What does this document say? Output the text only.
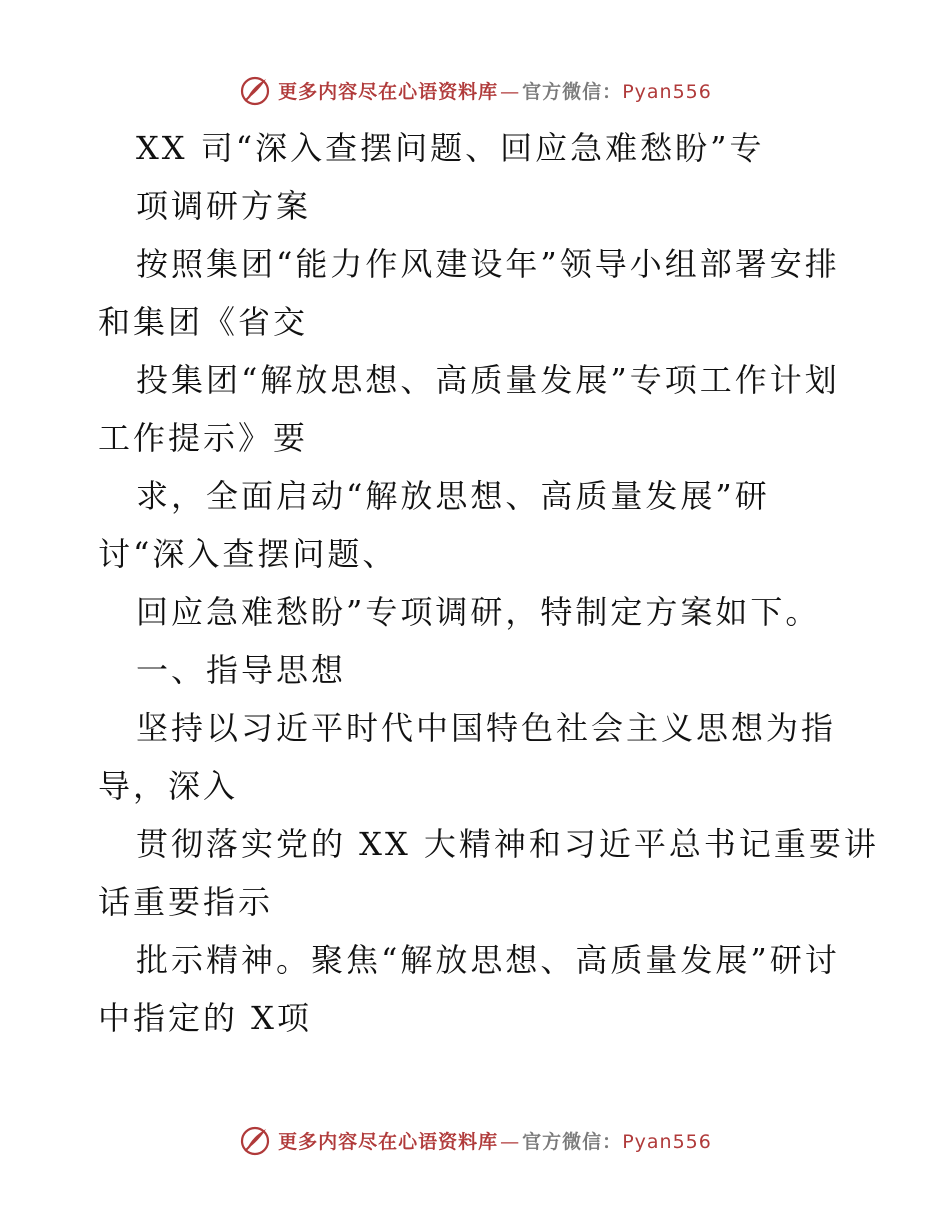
更多内容尽在心语资料库 — 官方微信：Pyan556
XX 司“深入查摆问题、回应急难愁盼”专
项调研方案
按照集团“能力作风建设年”领导小组部署安排
和集团《省交
投集团“解放思想、高质量发展”专项工作计划
工作提示》要
求，全面启动“解放思想、高质量发展”研
讨“深入查摆问题、
回应急难愁盼”专项调研，特制定方案如下。
一、指导思想
坚持以习近平时代中国特色社会主义思想为指
导，深入
贯彻落实党的 XX 大精神和习近平总书记重要讲
话重要指示
批示精神。聚焦“解放思想、高质量发展”研讨
中指定的 X项
更多内容尽在心语资料库 — 官方微信：Pyan556
